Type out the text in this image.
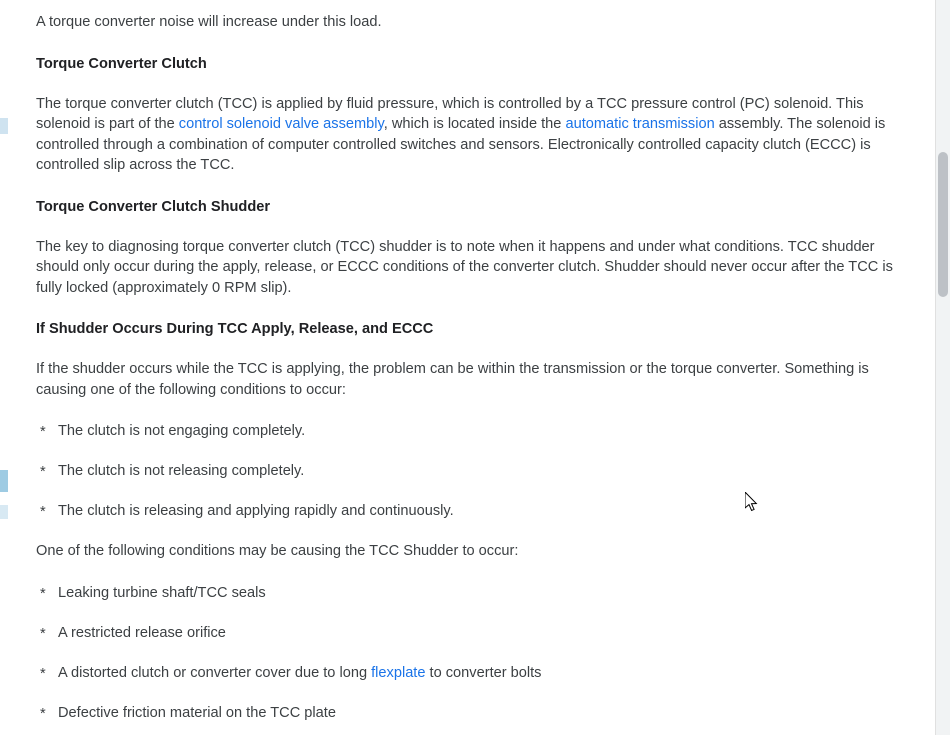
A torque converter noise will increase under this load.

Torque Converter Clutch

The torque converter clutch (TCC) is applied by fluid pressure, which is controlled by a TCC pressure control (PC) solenoid. This solenoid is part of the control solenoid valve assembly, which is located inside the automatic transmission assembly. The solenoid is controlled through a combination of computer controlled switches and sensors. Electronically controlled capacity clutch (ECCC) is controlled slip across the TCC.

Torque Converter Clutch Shudder

The key to diagnosing torque converter clutch (TCC) shudder is to note when it happens and under what conditions. TCC shudder should only occur during the apply, release, or ECCC conditions of the converter clutch. Shudder should never occur after the TCC is fully locked (approximately 0 RPM slip).

If Shudder Occurs During TCC Apply, Release, and ECCC

If the shudder occurs while the TCC is applying, the problem can be within the transmission or the torque converter. Something is causing one of the following conditions to occur:

* The clutch is not engaging completely.
* The clutch is not releasing completely.
* The clutch is releasing and applying rapidly and continuously.

One of the following conditions may be causing the TCC Shudder to occur:

* Leaking turbine shaft/TCC seals
* A restricted release orifice
* A distorted clutch or converter cover due to long flexplate to converter bolts
* Defective friction material on the TCC plate
